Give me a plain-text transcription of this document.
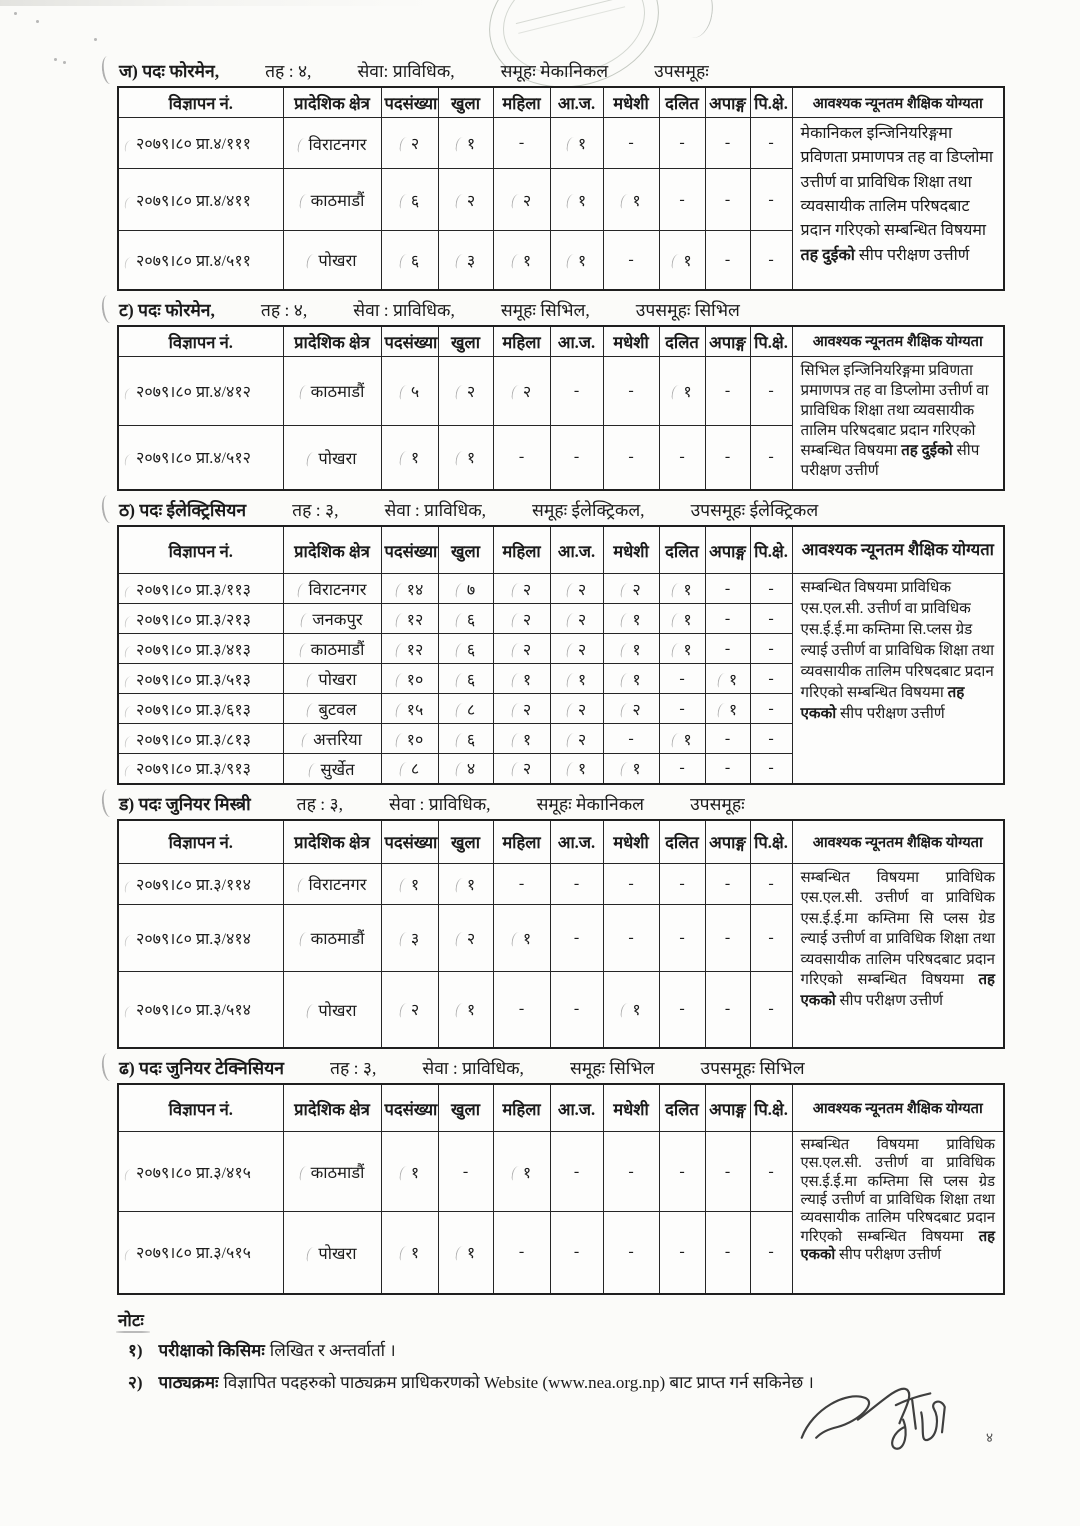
ज) पदः फोरमेन,	तह : ४,	सेवा: प्राविधिक,	समूहः मेकानिकल	उपसमूहः
विज्ञापन नं.	प्रादेशिक क्षेत्र	पदसंख्या	खुला	महिला	आ.ज.	मधेशी	दलित	अपाङ्ग	पि.क्षे.	आवश्यक न्यूनतम शैक्षिक योग्यता
२०७९।८० प्रा.४/१११	विराटनगर	२	१	-	१	-	-	-	-	मेकानिकल इन्जिनियरिङ्गमा प्रविणता प्रमाणपत्र तह वा डिप्लोमा उत्तीर्ण वा प्राविधिक शिक्षा तथा व्यवसायीक तालिम परिषदबाट प्रदान गरिएको सम्बन्धित विषयमा तह दुईको सीप परीक्षण उत्तीर्ण
२०७९।८० प्रा.४/४११	काठमाडौं	६	२	२	१	१	-	-	-	
२०७९।८० प्रा.४/५११	पोखरा	६	३	१	१	-	१	-	-	
ट) पदः फोरमेन,	तह : ४,	सेवा : प्राविधिक,	समूहः सिभिल,	उपसमूहः सिभिल
विज्ञापन नं.	प्रादेशिक क्षेत्र	पदसंख्या	खुला	महिला	आ.ज.	मधेशी	दलित	अपाङ्ग	पि.क्षे.	आवश्यक न्यूनतम शैक्षिक योग्यता
२०७९।८० प्रा.४/४१२	काठमाडौं	५	२	२	-	-	१	-	-	सिभिल इन्जिनियरिङ्गमा प्रविणता प्रमाणपत्र तह वा डिप्लोमा उत्तीर्ण वा प्राविधिक शिक्षा तथा व्यवसायीक तालिम परिषदबाट प्रदान गरिएको सम्बन्धित विषयमा तह दुईको सीप परीक्षण उत्तीर्ण
२०७९।८० प्रा.४/५१२	पोखरा	१	१	-	-	-	-	-	-	
ठ) पदः ईलेक्ट्रिसियन	तह : ३,	सेवा : प्राविधिक,	समूहः ईलेक्ट्रिकल,	उपसमूहः ईलेक्ट्रिकल
विज्ञापन नं.	प्रादेशिक क्षेत्र	पदसंख्या	खुला	महिला	आ.ज.	मधेशी	दलित	अपाङ्ग	पि.क्षे.	आवश्यक न्यूनतम शैक्षिक योग्यता
२०७९।८० प्रा.३/११३	विराटनगर	१४	७	२	२	२	१	-	-	सम्बन्धित विषयमा प्राविधिक एस.एल.सी. उत्तीर्ण वा प्राविधिक एस.ई.ई.मा कम्तिमा सि.प्लस ग्रेड ल्याई उत्तीर्ण वा प्राविधिक शिक्षा तथा व्यवसायीक तालिम परिषदबाट प्रदान गरिएको सम्बन्धित विषयमा तह एकको सीप परीक्षण उत्तीर्ण
२०७९।८० प्रा.३/२१३	जनकपुर	१२	६	२	२	१	१	-	-	
२०७९।८० प्रा.३/४१३	काठमाडौं	१२	६	२	२	१	१	-	-	
२०७९।८० प्रा.३/५१३	पोखरा	१०	६	१	१	१	-	१	-	
२०७९।८० प्रा.३/६१३	बुटवल	१५	८	२	२	२	-	१	-	
२०७९।८० प्रा.३/८१३	अत्तरिया	१०	६	१	२	-	१	-	-	
२०७९।८० प्रा.३/९१३	सुर्खेत	८	४	२	१	१	-	-	-	
ड) पदः जुनियर मिस्त्री	तह : ३,	सेवा : प्राविधिक,	समूहः मेकानिकल	उपसमूहः
विज्ञापन नं.	प्रादेशिक क्षेत्र	पदसंख्या	खुला	महिला	आ.ज.	मधेशी	दलित	अपाङ्ग	पि.क्षे.	आवश्यक न्यूनतम शैक्षिक योग्यता
२०७९।८० प्रा.३/११४	विराटनगर	१	१	-	-	-	-	-	-	सम्बन्धित विषयमा प्राविधिक एस.एल.सी. उत्तीर्ण वा प्राविधिक एस.ई.ई.मा कम्तिमा सि प्लस ग्रेड ल्याई उत्तीर्ण वा प्राविधिक शिक्षा तथा व्यवसायीक तालिम परिषदबाट प्रदान गरिएको सम्बन्धित विषयमा तह एकको सीप परीक्षण उत्तीर्ण
२०७९।८० प्रा.३/४१४	काठमाडौं	३	२	१	-	-	-	-	-	
२०७९।८० प्रा.३/५१४	पोखरा	२	१	-	-	१	-	-	-	
ढ) पदः जुनियर टेक्निसियन	तह : ३,	सेवा : प्राविधिक,	समूहः सिभिल	उपसमूहः सिभिल
विज्ञापन नं.	प्रादेशिक क्षेत्र	पदसंख्या	खुला	महिला	आ.ज.	मधेशी	दलित	अपाङ्ग	पि.क्षे.	आवश्यक न्यूनतम शैक्षिक योग्यता
२०७९।८० प्रा.३/४१५	काठमाडौं	१	-	१	-	-	-	-	-	सम्बन्धित विषयमा प्राविधिक एस.एल.सी. उत्तीर्ण वा प्राविधिक एस.ई.ई.मा कम्तिमा सि प्लस ग्रेड ल्याई उत्तीर्ण वा प्राविधिक शिक्षा तथा व्यवसायीक तालिम परिषदबाट प्रदान गरिएको सम्बन्धित विषयमा तह एकको सीप परीक्षण उत्तीर्ण
२०७९।८० प्रा.३/५१५	पोखरा	१	१	-	-	-	-	-	-	
नोटः
१) परीक्षाको किसिमः लिखित र अन्तर्वार्ता ।
२) पाठ्यक्रमः विज्ञापित पदहरुको पाठ्यक्रम प्राधिकरणको Website (www.nea.org.np) बाट प्राप्त गर्न सकिनेछ ।
४
